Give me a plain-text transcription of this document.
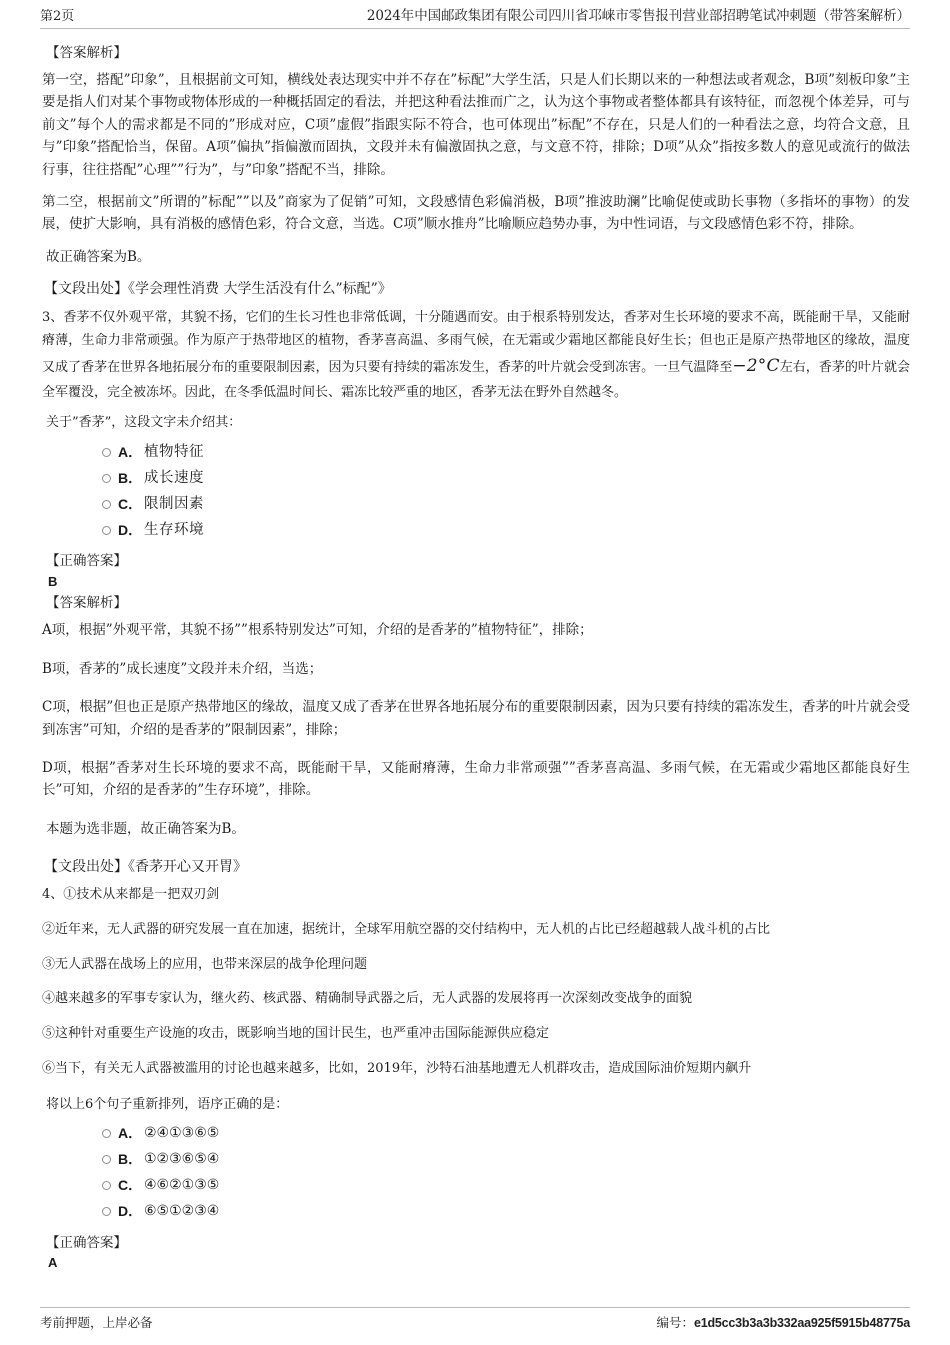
第2页	2024年中国邮政集团有限公司四川省邛崃市零售报刊营业部招聘笔试冲刺题（带答案解析）
【答案解析】

第一空，搭配”印象”，且根据前文可知，横线处表达现实中并不存在”标配”大学生活，只是人们长期以来的一种想法或者观念，B项”刻板印象”主要是指人们对某个事物或物体形成的一种概括固定的看法，并把这种看法推而广之，认为这个事物或者整体都具有该特征，而忽视个体差异，可与前文”每个人的需求都是不同的”形成对应，C项”虚假”指跟实际不符合，也可体现出”标配”不存在，只是人们的一种看法之意，均符合文意，且与”印象”搭配恰当，保留。A项”偏执”指偏激而固执，文段并未有偏激固执之意，与文意不符，排除；D项”从众”指按多数人的意见或流行的做法行事，往往搭配”心理””行为”，与”印象”搭配不当，排除。

第二空，根据前文”所谓的”标配””以及”商家为了促销”可知，文段感情色彩偏消极，B项”推波助澜”比喻促使或助长事物（多指坏的事物）的发展，使扩大影响，具有消极的感情色彩，符合文意，当选。C项”顺水推舟”比喻顺应趋势办事，为中性词语，与文段感情色彩不符，排除。

故正确答案为B。

【文段出处】《学会理性消费 大学生活没有什么”标配”》

3、香茅不仅外观平常，其貌不扬，它们的生长习性也非常低调，十分随遇而安。由于根系特别发达，香茅对生长环境的要求不高，既能耐干旱，又能耐瘠薄，生命力非常顽强。作为原产于热带地区的植物，香茅喜高温、多雨气候，在无霜或少霜地区都能良好生长；但也正是原产热带地区的缘故，温度又成了香茅在世界各地拓展分布的重要限制因素，因为只要有持续的霜冻发生，香茅的叶片就会受到冻害。一旦气温降至−2°C左右，香茅的叶片就会全军覆没，完全被冻坏。因此，在冬季低温时间长、霜冻比较严重的地区，香茅无法在野外自然越冬。

关于”香茅”，这段文字未介绍其：
A． 植物特征
B． 成长速度
C． 限制因素
D． 生存环境
【正确答案】
B
【答案解析】

A项，根据”外观平常，其貌不扬””根系特别发达”可知，介绍的是香茅的”植物特征”，排除；

B项，香茅的”成长速度”文段并未介绍，当选；

C项，根据”但也正是原产热带地区的缘故，温度又成了香茅在世界各地拓展分布的重要限制因素，因为只要有持续的霜冻发生，香茅的叶片就会受到冻害”可知，介绍的是香茅的”限制因素”，排除；

D项，根据”香茅对生长环境的要求不高，既能耐干旱，又能耐瘠薄，生命力非常顽强””香茅喜高温、多雨气候，在无霜或少霜地区都能良好生长”可知，介绍的是香茅的”生存环境”，排除。

本题为选非题，故正确答案为B。

【文段出处】《香茅开心又开胃》

4、①技术从来都是一把双刃剑

②近年来，无人武器的研究发展一直在加速，据统计，全球军用航空器的交付结构中，无人机的占比已经超越载人战斗机的占比

③无人武器在战场上的应用，也带来深层的战争伦理问题

④越来越多的军事专家认为，继火药、核武器、精确制导武器之后，无人武器的发展将再一次深刻改变战争的面貌

⑤这种针对重要生产设施的攻击，既影响当地的国计民生，也严重冲击国际能源供应稳定

⑥当下，有关无人武器被滥用的讨论也越来越多，比如，2019年，沙特石油基地遭无人机群攻击，造成国际油价短期内飙升

将以上6个句子重新排列，语序正确的是：
A． ②④①③⑥⑤
B． ①②③⑥⑤④
C． ④⑥②①③⑤
D． ⑥⑤①②③④
【正确答案】
A
考前押题，上岸必备	编号：e1d5cc3b3a3b332aa925f5915b48775a
